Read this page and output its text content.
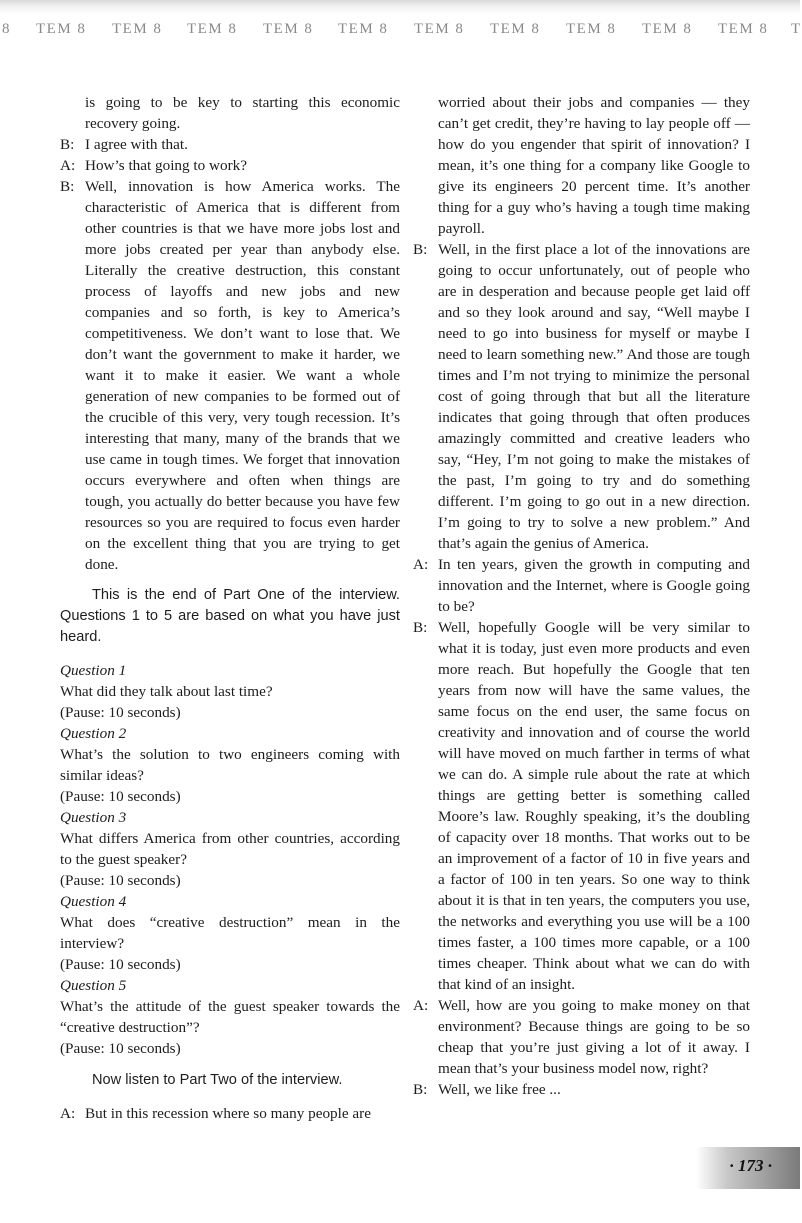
8 TEM 8 TEM 8 TEM 8 TEM 8 TEM 8 TEM 8 TEM 8 TEM 8 TEM 8 TEM 8 T

is going to be key to starting this economic recovery going.

B: I agree with that.
A: How’s that going to work?
B: Well, innovation is how America works. The characteristic of America that is different from other countries is that we have more jobs lost and more jobs created per year than anybody else. Literally the creative destruction, this constant process of layoffs and new jobs and new companies and so forth, is key to America’s competitiveness. We don’t want to lose that. We don’t want the government to make it harder, we want it to make it easier. We want a whole generation of new companies to be formed out of the crucible of this very, very tough recession. It’s interesting that many, many of the brands that we use came in tough times. We forget that innovation occurs everywhere and often when things are tough, you actually do better because you have few resources so you are required to focus even harder on the excellent thing that you are trying to get done.

This is the end of Part One of the interview. Questions 1 to 5 are based on what you have just heard.

Question 1

What did they talk about last time?

(Pause: 10 seconds)

Question 2

What’s the solution to two engineers coming with similar ideas?

(Pause: 10 seconds)

Question 3

What differs America from other countries, according to the guest speaker?

(Pause: 10 seconds)

Question 4

What does “creative destruction” mean in the interview?

(Pause: 10 seconds)

Question 5

What’s the attitude of the guest speaker towards the “creative destruction”?

(Pause: 10 seconds)

Now listen to Part Two of the interview.

A: But in this recession where so many people are

worried about their jobs and companies — they can’t get credit, they’re having to lay people off — how do you engender that spirit of innovation? I mean, it’s one thing for a company like Google to give its engineers 20 percent time. It’s another thing for a guy who’s having a tough time making payroll.

B: Well, in the first place a lot of the innovations are going to occur unfortunately, out of people who are in desperation and because people get laid off and so they look around and say, “Well maybe I need to go into business for myself or maybe I need to learn something new.” And those are tough times and I’m not trying to minimize the personal cost of going through that but all the literature indicates that going through that often produces amazingly committed and creative leaders who say, “Hey, I’m not going to make the mistakes of the past, I’m going to try and do something different. I’m going to go out in a new direction. I’m going to try to solve a new problem.” And that’s again the genius of America.
A: In ten years, given the growth in computing and innovation and the Internet, where is Google going to be?
B: Well, hopefully Google will be very similar to what it is today, just even more products and even more reach. But hopefully the Google that ten years from now will have the same values, the same focus on the end user, the same focus on creativity and innovation and of course the world will have moved on much farther in terms of what we can do. A simple rule about the rate at which things are getting better is something called Moore’s law. Roughly speaking, it’s the doubling of capacity over 18 months. That works out to be an improvement of a factor of 10 in five years and a factor of 100 in ten years. So one way to think about it is that in ten years, the computers you use, the networks and everything you use will be a 100 times faster, a 100 times more capable, or a 100 times cheaper. Think about what we can do with that kind of an insight.
A: Well, how are you going to make money on that environment? Because things are going to be so cheap that you’re just giving a lot of it away. I mean that’s your business model now, right?
B: Well, we like free ...
· 173 ·
